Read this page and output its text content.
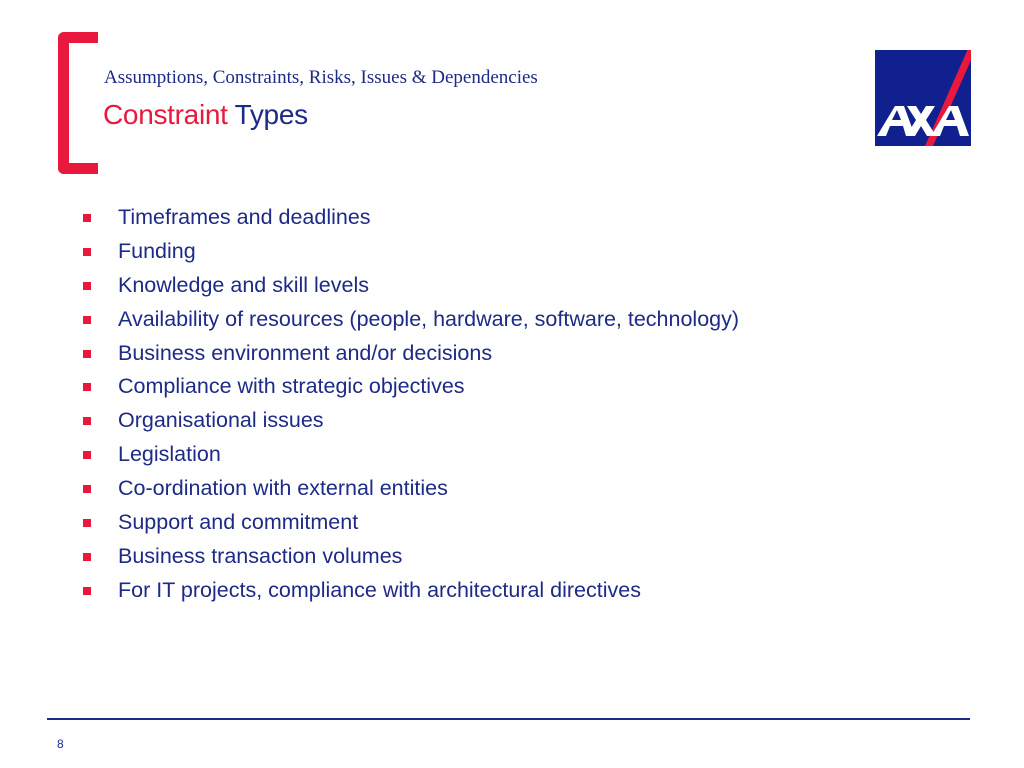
Assumptions, Constraints, Risks, Issues & Dependencies
Constraint Types
AXA
Timeframes and deadlines
Funding
Knowledge and skill levels
Availability of resources (people, hardware, software, technology)
Business environment and/or decisions
Compliance with strategic objectives
Organisational issues
Legislation
Co-ordination with external entities
Support and commitment
Business transaction volumes
For IT projects, compliance with architectural directives
8
